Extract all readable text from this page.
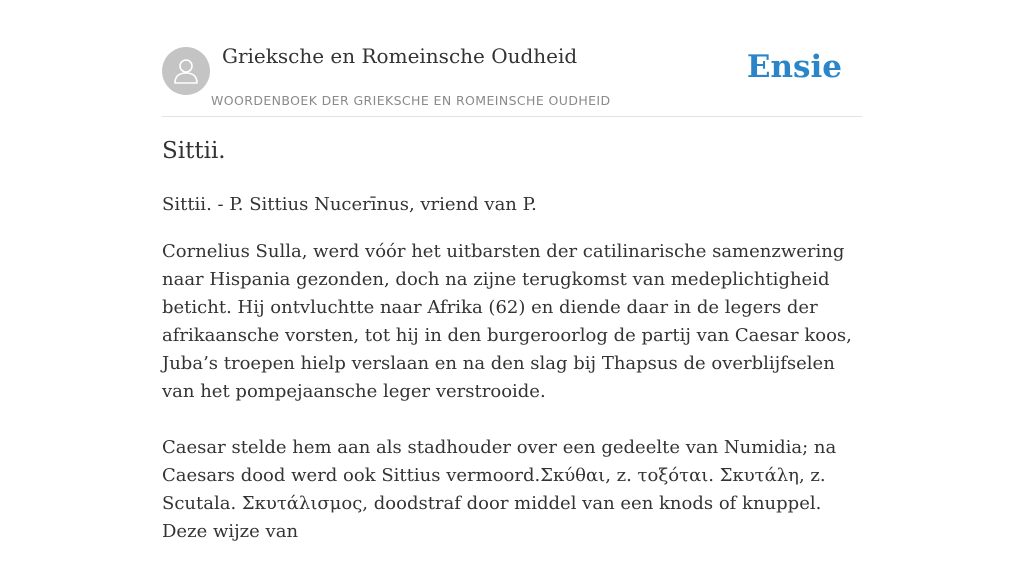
Grieksche en Romeinsche Oudheid
WOORDENBOEK DER GRIEKSCHE EN ROMEINSCHE OUDHEID
Ensie
Sittii.

Sittii. - P. Sittius Nucerīnus, vriend van P.

Cornelius Sulla, werd vóór het uitbarsten der catilinarische samenzwering naar Hispania gezonden, doch na zijne terugkomst van medeplichtigheid beticht. Hij ontvluchtte naar Afrika (62) en diende daar in de legers der afrikaansche vorsten, tot hij in den burgeroorlog de partij van Caesar koos, Juba’s troepen hielp verslaan en na den slag bij Thapsus de overblijfselen van het pompejaansche leger verstrooide.

Caesar stelde hem aan als stadhouder over een gedeelte van Numidia; na Caesars dood werd ook Sittius vermoord.Σκύθαι, z. τοξόται. Σκυτάλη, z. Scutala. Σκυτάλισμος, doodstraf door middel van een knods of knuppel. Deze wijze van
